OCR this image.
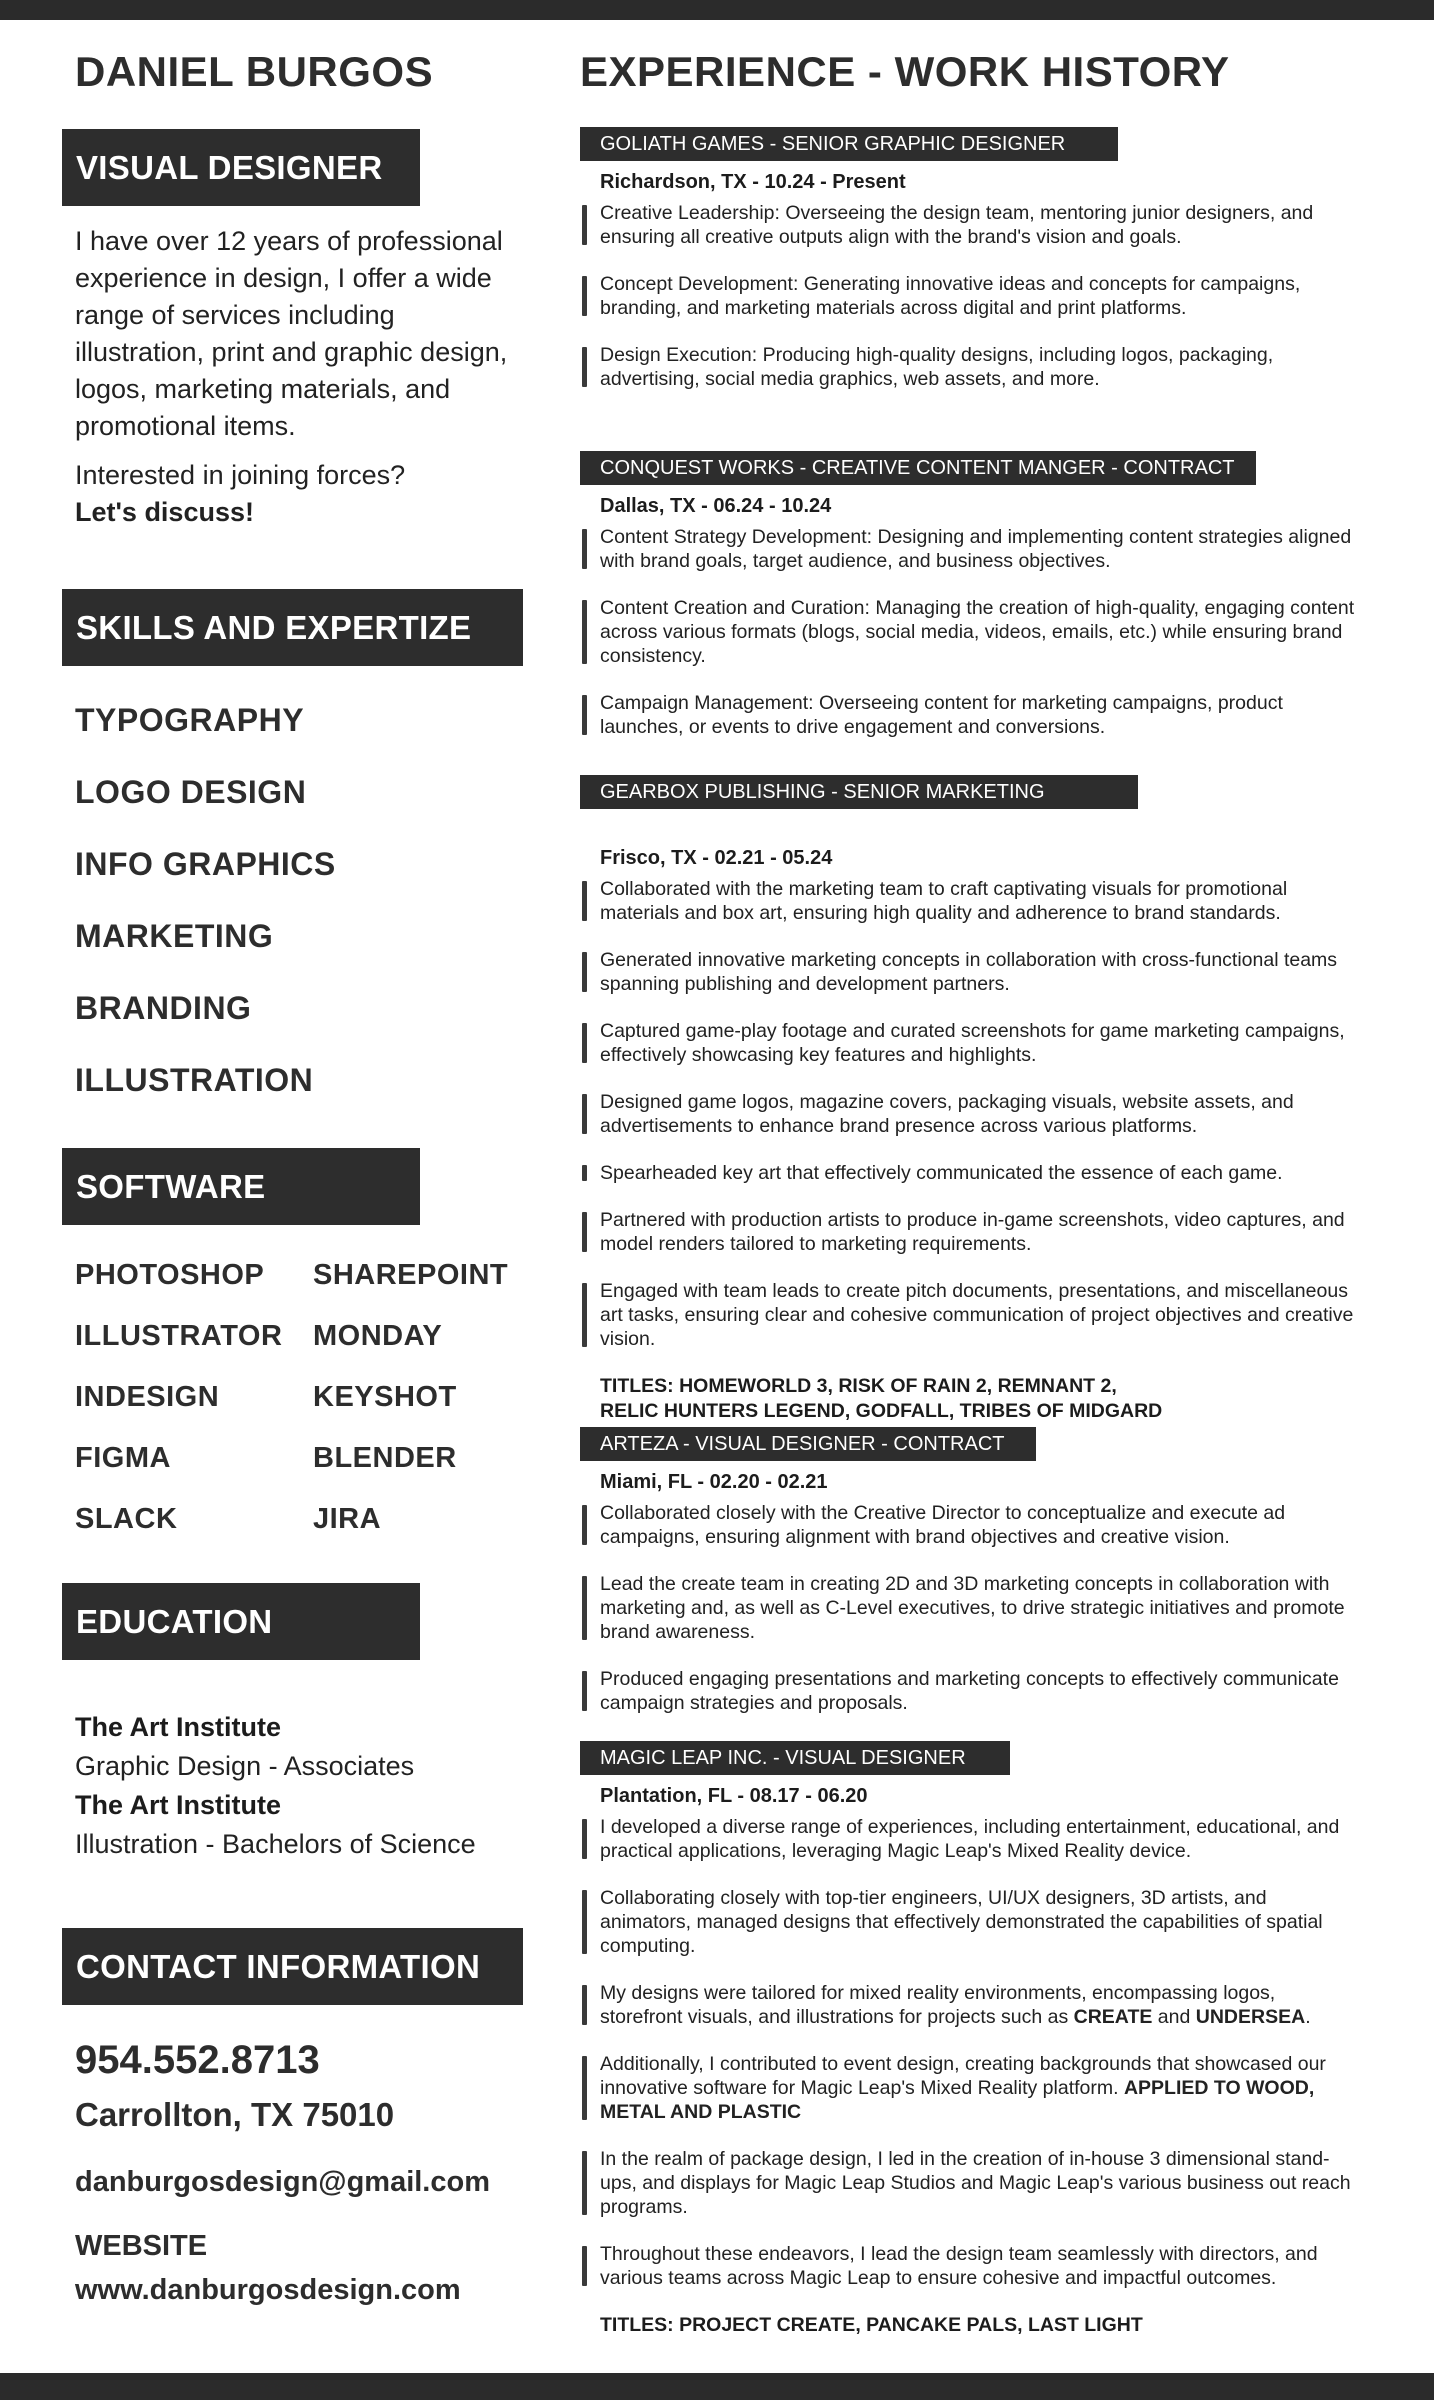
DANIEL BURGOS
VISUAL DESIGNER

I have over 12 years of professional experience in design, I offer a wide range of services including illustration, print and graphic design, logos, marketing materials, and promotional items.

Interested in joining forces?

Let's discuss!

SKILLS AND EXPERTIZE
TYPOGRAPHY
LOGO DESIGN
INFO GRAPHICS
MARKETING
BRANDING
ILLUSTRATION
SOFTWARE
PHOTOSHOP	SHAREPOINT
ILLUSTRATOR	MONDAY
INDESIGN	KEYSHOT
FIGMA	BLENDER
SLACK	JIRA
EDUCATION
The Art Institute
Graphic Design - Associates
The Art Institute
Illustration - Bachelors of Science
CONTACT INFORMATION

954.552.8713

Carrollton, TX 75010

danburgosdesign@gmail.com

WEBSITE

www.danburgosdesign.com

EXPERIENCE - WORK HISTORY
GOLIATH GAMES - SENIOR GRAPHIC DESIGNER
Richardson, TX - 10.24 - Present
Creative Leadership: Overseeing the design team, mentoring junior designers, and ensuring all creative outputs align with the brand's vision and goals.
Concept Development: Generating innovative ideas and concepts for campaigns, branding, and marketing materials across digital and print platforms.
Design Execution: Producing high-quality designs, including logos, packaging, advertising, social media graphics, web assets, and more.
CONQUEST WORKS - CREATIVE CONTENT MANGER - CONTRACT
Dallas, TX - 06.24 - 10.24
Content Strategy Development: Designing and implementing content strategies aligned with brand goals, target audience, and business objectives.
Content Creation and Curation: Managing the creation of high-quality, engaging content across various formats (blogs, social media, videos, emails, etc.) while ensuring brand consistency.
Campaign Management: Overseeing content for marketing campaigns, product launches, or events to drive engagement and conversions.
GEARBOX PUBLISHING - SENIOR MARKETING ARTIST
Frisco, TX - 02.21 - 05.24
Collaborated with the marketing team to craft captivating visuals for promotional materials and box art, ensuring high quality and adherence to brand standards.
Generated innovative marketing concepts in collaboration with cross-functional teams spanning publishing and development partners.
Captured game-play footage and curated screenshots for game marketing campaigns, effectively showcasing key features and highlights.
Designed game logos, magazine covers, packaging visuals, website assets, and advertisements to enhance brand presence across various platforms.
Spearheaded key art that effectively communicated the essence of each game.
Partnered with production artists to produce in-game screenshots, video captures, and model renders tailored to marketing requirements.
Engaged with team leads to create pitch documents, presentations, and miscellaneous art tasks, ensuring clear and cohesive communication of project objectives and creative vision.

TITLES: HOMEWORLD 3, RISK OF RAIN 2, REMNANT 2,
RELIC HUNTERS LEGEND, GODFALL, TRIBES OF MIDGARD

ARTEZA - VISUAL DESIGNER - CONTRACT
Miami, FL - 02.20 - 02.21
Collaborated closely with the Creative Director to conceptualize and execute ad campaigns, ensuring alignment with brand objectives and creative vision.
Lead the create team in creating 2D and 3D marketing concepts in collaboration with marketing and, as well as C-Level executives, to drive strategic initiatives and promote brand awareness.
Produced engaging presentations and marketing concepts to effectively communicate campaign strategies and proposals.
MAGIC LEAP INC. - VISUAL DESIGNER
Plantation, FL - 08.17 - 06.20
I developed a diverse range of experiences, including entertainment, educational, and practical applications, leveraging Magic Leap's Mixed Reality device.
Collaborating closely with top-tier engineers, UI/UX designers, 3D artists, and animators, managed designs that effectively demonstrated the capabilities of spatial computing.
My designs were tailored for mixed reality environments, encompassing logos, storefront visuals, and illustrations for projects such as CREATE and UNDERSEA.
Additionally, I contributed to event design, creating backgrounds that showcased our innovative software for Magic Leap's Mixed Reality platform. APPLIED TO WOOD, METAL AND PLASTIC
In the realm of package design, I led in the creation of in-house 3 dimensional stand-ups, and displays for Magic Leap Studios and Magic Leap's various business out reach programs.
Throughout these endeavors, I lead the design team seamlessly with directors, and various teams across Magic Leap to ensure cohesive and impactful outcomes.

TITLES: PROJECT CREATE, PANCAKE PALS, LAST LIGHT
